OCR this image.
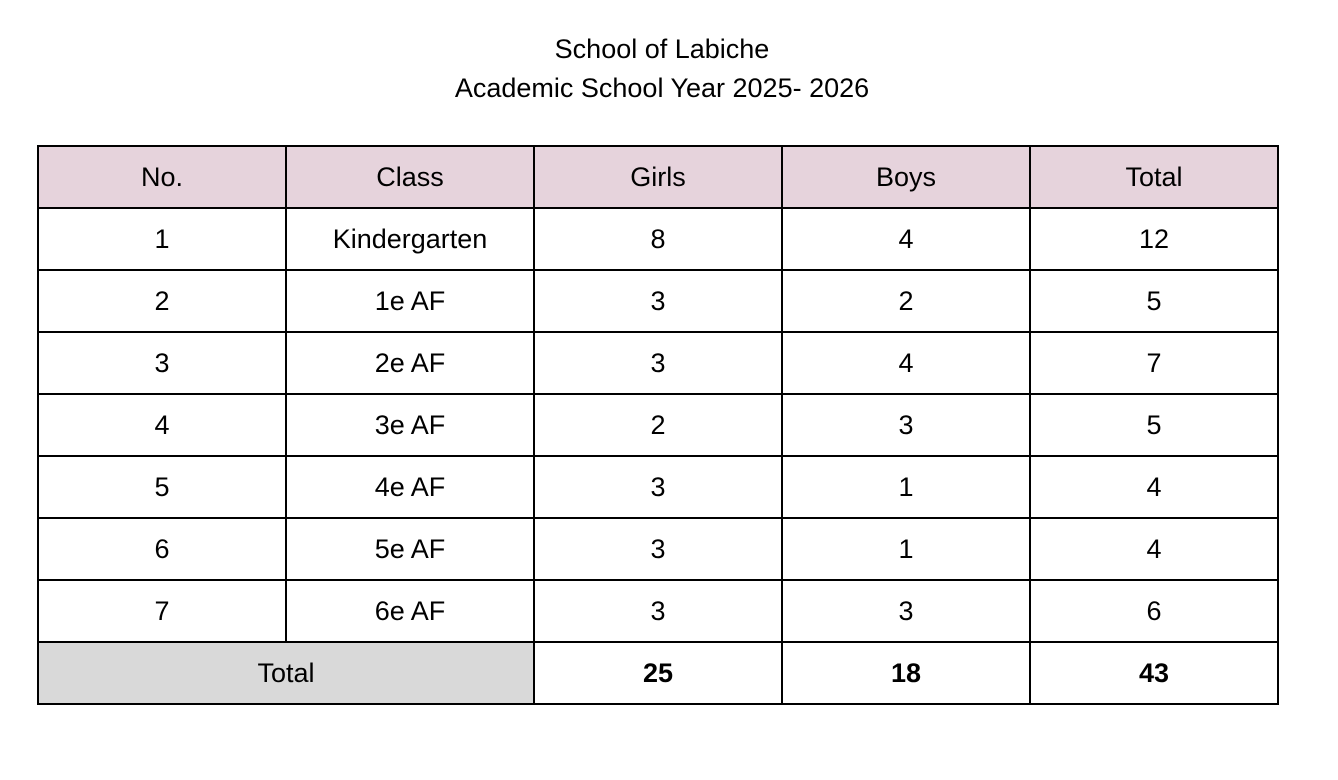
School of Labiche
Academic School Year 2025- 2026
No.	Class	Girls	Boys	Total
1	Kindergarten	8	4	12
2	1e AF	3	2	5
3	2e AF	3	4	7
4	3e AF	2	3	5
5	4e AF	3	1	4
6	5e AF	3	1	4
7	6e AF	3	3	6
Total		25	18	43
